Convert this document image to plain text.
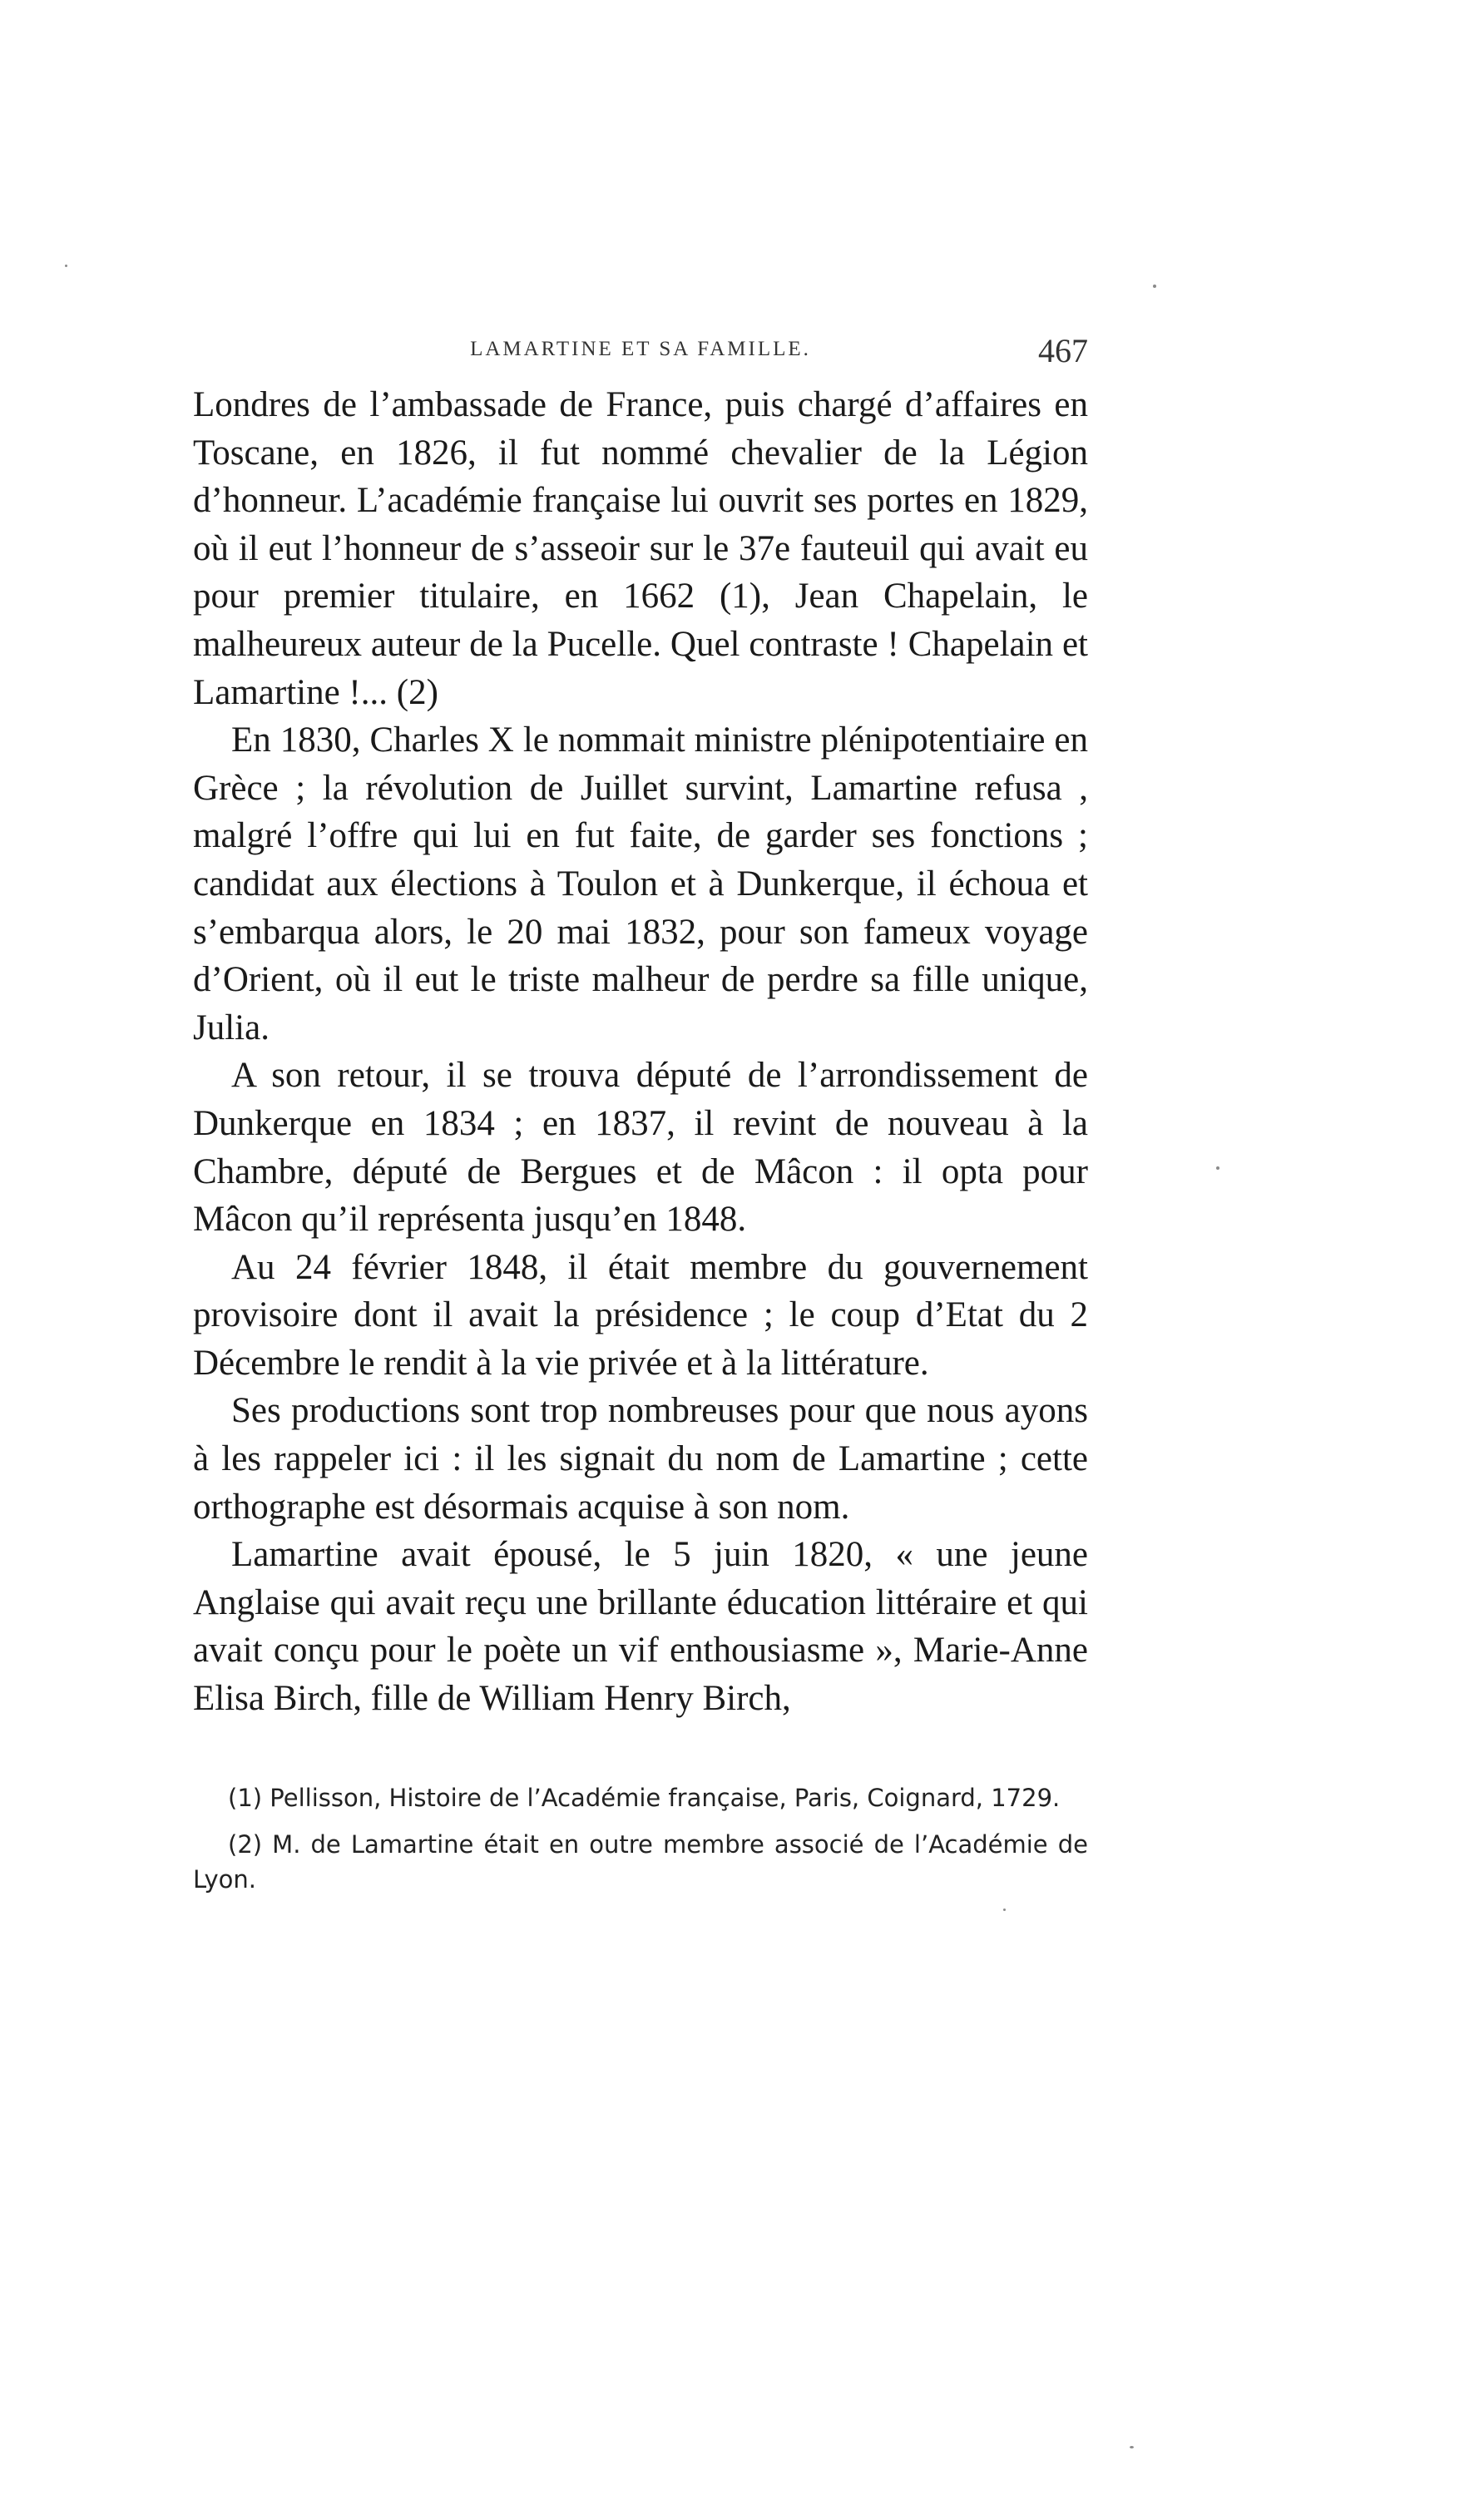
LAMARTINE ET SA FAMILLE.	467

Londres de l’ambassade de France, puis chargé d’affaires en Toscane, en 1826, il fut nommé chevalier de la Légion d’honneur. L’académie française lui ouvrit ses portes en 1829, où il eut l’honneur de s’asseoir sur le 37e fauteuil qui avait eu pour premier titulaire, en 1662 (1), Jean Chapelain, le malheureux auteur de la Pucelle. Quel contraste ! Chapelain et Lamartine !... (2)

En 1830, Charles X le nommait ministre plénipotentiaire en Grèce ; la révolution de Juillet survint, Lamartine refusa , malgré l’offre qui lui en fut faite, de garder ses fonctions ; candidat aux élections à Toulon et à Dunkerque, il échoua et s’embarqua alors, le 20 mai 1832, pour son fameux voyage d’Orient, où il eut le triste malheur de perdre sa fille unique, Julia.

A son retour, il se trouva député de l’arrondissement de Dunkerque en 1834 ; en 1837, il revint de nouveau à la Chambre, député de Bergues et de Mâcon : il opta pour Mâcon qu’il représenta jusqu’en 1848.

Au 24 février 1848, il était membre du gouvernement provisoire dont il avait la présidence ; le coup d’Etat du 2 Décembre le rendit à la vie privée et à la littérature.

Ses productions sont trop nombreuses pour que nous ayons à les rappeler ici : il les signait du nom de Lamartine ; cette orthographe est désormais acquise à son nom.

Lamartine avait épousé, le 5 juin 1820, « une jeune Anglaise qui avait reçu une brillante éducation littéraire et qui avait conçu pour le poète un vif enthousiasme », Marie-Anne Elisa Birch, fille de William Henry Birch,

(1) Pellisson, Histoire de l’Académie française, Paris, Coignard, 1729.

(2) M. de Lamartine était en outre membre associé de l’Académie de Lyon.
